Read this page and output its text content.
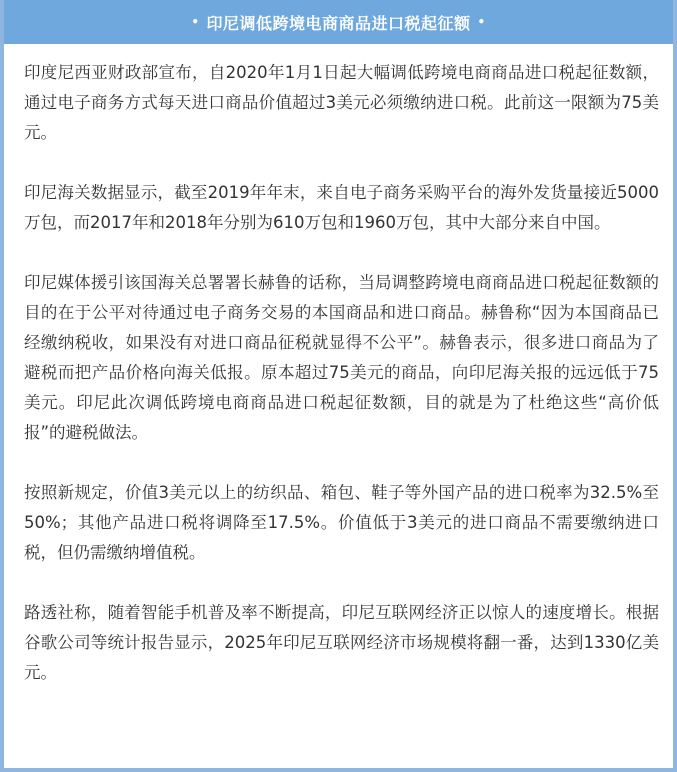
• 印尼调低跨境电商商品进口税起征额 •

印度尼西亚财政部宣布，自2020年1月1日起大幅调低跨境电商商品进口税起征数额，通过电子商务方式每天进口商品价值超过3美元必须缴纳进口税。此前这一限额为75美元。

印尼海关数据显示，截至2019年年末，来自电子商务采购平台的海外发货量接近5000万包，而2017年和2018年分别为610万包和1960万包，其中大部分来自中国。

印尼媒体援引该国海关总署署长赫鲁的话称，当局调整跨境电商商品进口税起征数额的目的在于公平对待通过电子商务交易的本国商品和进口商品。赫鲁称“因为本国商品已经缴纳税收，如果没有对进口商品征税就显得不公平”。赫鲁表示，很多进口商品为了避税而把产品价格向海关低报。原本超过75美元的商品，向印尼海关报的远远低于75美元。印尼此次调低跨境电商商品进口税起征数额，目的就是为了杜绝这些“高价低报”的避税做法。

按照新规定，价值3美元以上的纺织品、箱包、鞋子等外国产品的进口税率为32.5%至50%；其他产品进口税将调降至17.5%。价值低于3美元的进口商品不需要缴纳进口税，但仍需缴纳增值税。

路透社称，随着智能手机普及率不断提高，印尼互联网经济正以惊人的速度增长。根据谷歌公司等统计报告显示，2025年印尼互联网经济市场规模将翻一番，达到1330亿美元。
